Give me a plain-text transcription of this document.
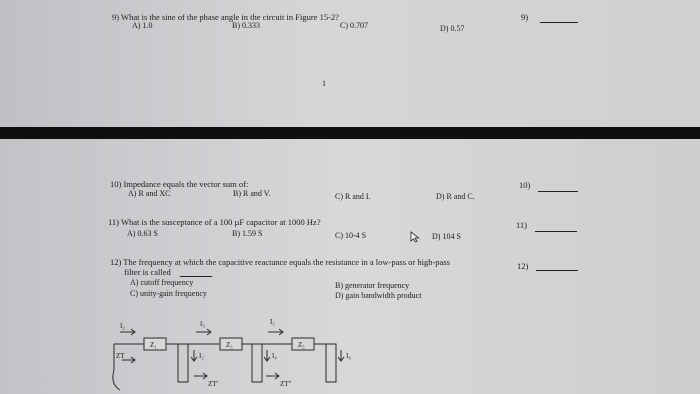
9) What is the sine of the phase angle in the circuit in Figure 15-2?
A) 1.0	B) 0.333	C) 0.707	D) 0.57
9)
1
10) Impedance equals the vector sum of:
A) R and XC	B) R and V.	C) R and I.	D) R and C.
10)
11) What is the susceptance of a 100 µF capacitor at 1000 Hz?
A) 0.63 S	B) 1.59 S	C) 10-4 S	D) 104 S
11)
12) The frequency at which the capacitive reactance equals the resistance in a low-pass or high-pass
filter is called
A) cutoff frequency	B) generator frequency
C) unity-gain frequency	D) gain bandwidth product
12)
I₂	I₃	I₅
Z₁	Z₃	Z₅
ZT	I₂	I₄	I₆
ZT'	ZT"
